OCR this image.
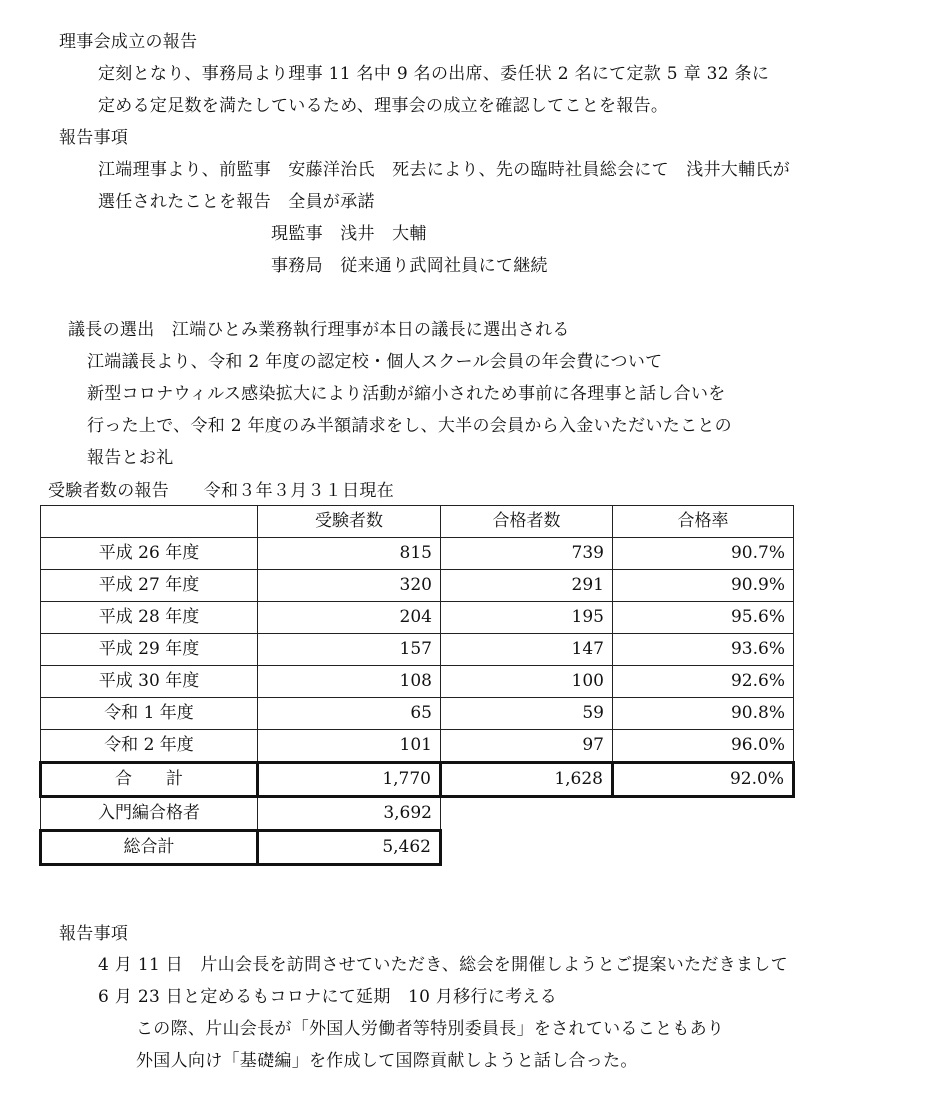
理事会成立の報告
定刻となり、事務局より理事 11 名中 9 名の出席、委任状 2 名にて定款 5 章 32 条に
定める定足数を満たしているため、理事会の成立を確認してことを報告。
報告事項
江端理事より、前監事　安藤洋治氏　死去により、先の臨時社員総会にて　浅井大輔氏が
選任されたことを報告　全員が承諾
現監事　浅井　大輔
事務局　従来通り武岡社員にて継続
議長の選出　江端ひとみ業務執行理事が本日の議長に選出される
江端議長より、令和 2 年度の認定校・個人スクール会員の年会費について
新型コロナウィルス感染拡大により活動が縮小されため事前に各理事と話し合いを
行った上で、令和 2 年度のみ半額請求をし、大半の会員から入金いただいたことの
報告とお礼
受験者数の報告　　令和３年３月３１日現在
	受験者数	合格者数	合格率
平成 26 年度	815	739	90.7%
平成 27 年度	320	291	90.9%
平成 28 年度	204	195	95.6%
平成 29 年度	157	147	93.6%
平成 30 年度	108	100	92.6%
令和 1 年度	65	59	90.8%
令和 2 年度	101	97	96.0%
合　　計	1,770	1,628	92.0%
入門編合格者	3,692		
総合計	5,462		
報告事項
4 月 11 日　片山会長を訪問させていただき、総会を開催しようとご提案いただきまして
6 月 23 日と定めるもコロナにて延期　10 月移行に考える
この際、片山会長が「外国人労働者等特別委員長」をされていることもあり
外国人向け「基礎編」を作成して国際貢献しようと話し合った。
